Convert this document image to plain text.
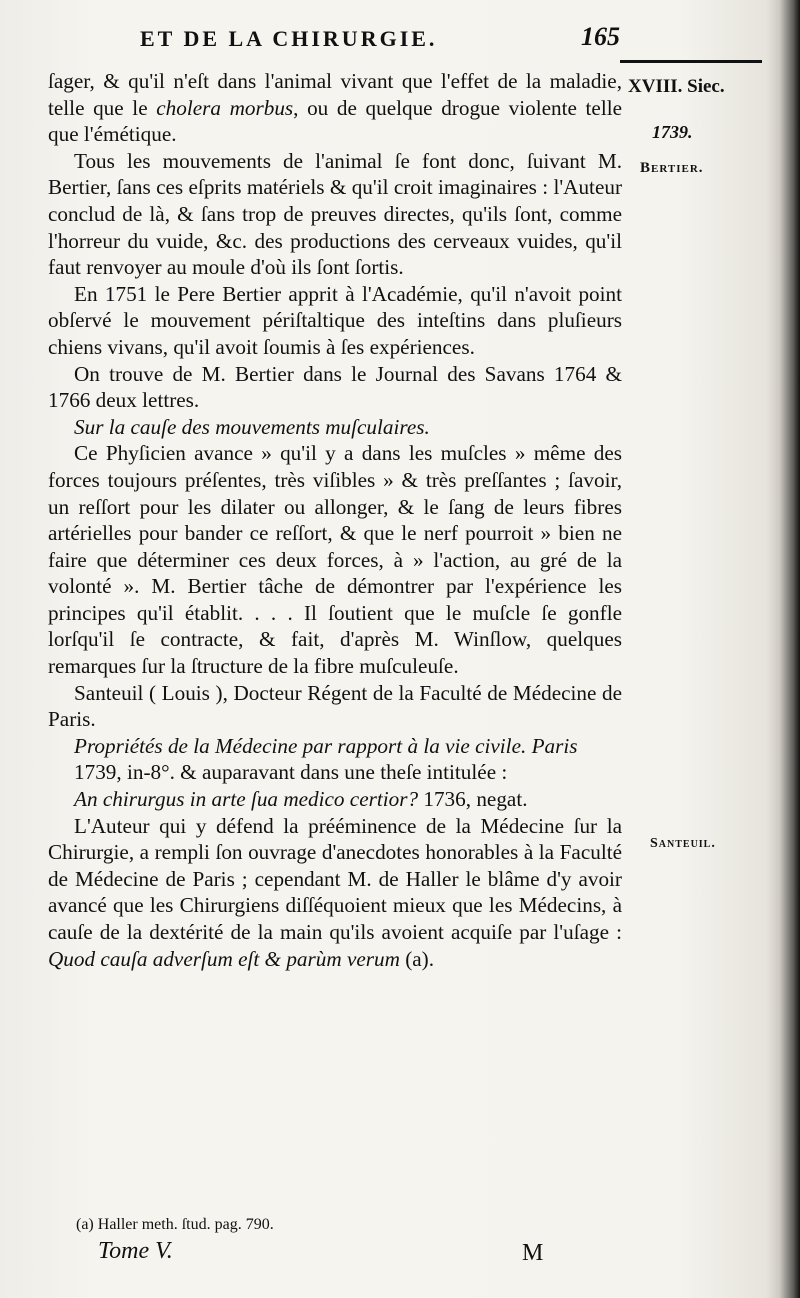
ET DE LA CHIRURGIE.	165
XVIII. Siec.
1739.
Bertier.
Santeuil.

ſager, & qu'il n'eſt dans l'animal vivant que l'effet de la maladie, telle que le cholera morbus, ou de quelque drogue violente telle que l'émétique.

Tous les mouvements de l'animal ſe font donc, ſuivant M. Bertier, ſans ces eſprits matériels & qu'il croit imaginaires : l'Auteur conclud de là, & ſans trop de preuves directes, qu'ils ſont, comme l'horreur du vuide, &c. des productions des cerveaux vuides, qu'il faut renvoyer au moule d'où ils ſont ſortis.

En 1751 le Pere Bertier apprit à l'Académie, qu'il n'avoit point obſervé le mouvement périſtaltique des inteſtins dans pluſieurs chiens vivans, qu'il avoit ſoumis à ſes expériences.

On trouve de M. Bertier dans le Journal des Savans 1764 & 1766 deux lettres.

Sur la cauſe des mouvements muſculaires.

Ce Phyſicien avance » qu'il y a dans les muſcles » même des forces toujours préſentes, très viſibles » & très preſſantes ; ſavoir, un reſſort pour les dilater ou allonger, & le ſang de leurs fibres artérielles pour bander ce reſſort, & que le nerf pourroit » bien ne faire que déterminer ces deux forces, à » l'action, au gré de la volonté ». M. Bertier tâche de démontrer par l'expérience les principes qu'il établit. . . . Il ſoutient que le muſcle ſe gonfle lorſqu'il ſe contracte, & fait, d'après M. Winſlow, quelques remarques ſur la ſtructure de la fibre muſculeuſe.

Santeuil ( Louis ), Docteur Régent de la Faculté de Médecine de Paris.

Propriétés de la Médecine par rapport à la vie civile. Paris 1739, in-8°. & auparavant dans une theſe intitulée :

An chirurgus in arte ſua medico certior? 1736, negat.

L'Auteur qui y défend la prééminence de la Médecine ſur la Chirurgie, a rempli ſon ouvrage d'anecdotes honorables à la Faculté de Médecine de Paris ; cependant M. de Haller le blâme d'y avoir avancé que les Chirurgiens diſſéquoient mieux que les Médecins, à cauſe de la dextérité de la main qu'ils avoient acquiſe par l'uſage : Quod cauſa adverſum eſt & parùm verum (a).

(a) Haller meth. ſtud. pag. 790.
Tome V.	M
